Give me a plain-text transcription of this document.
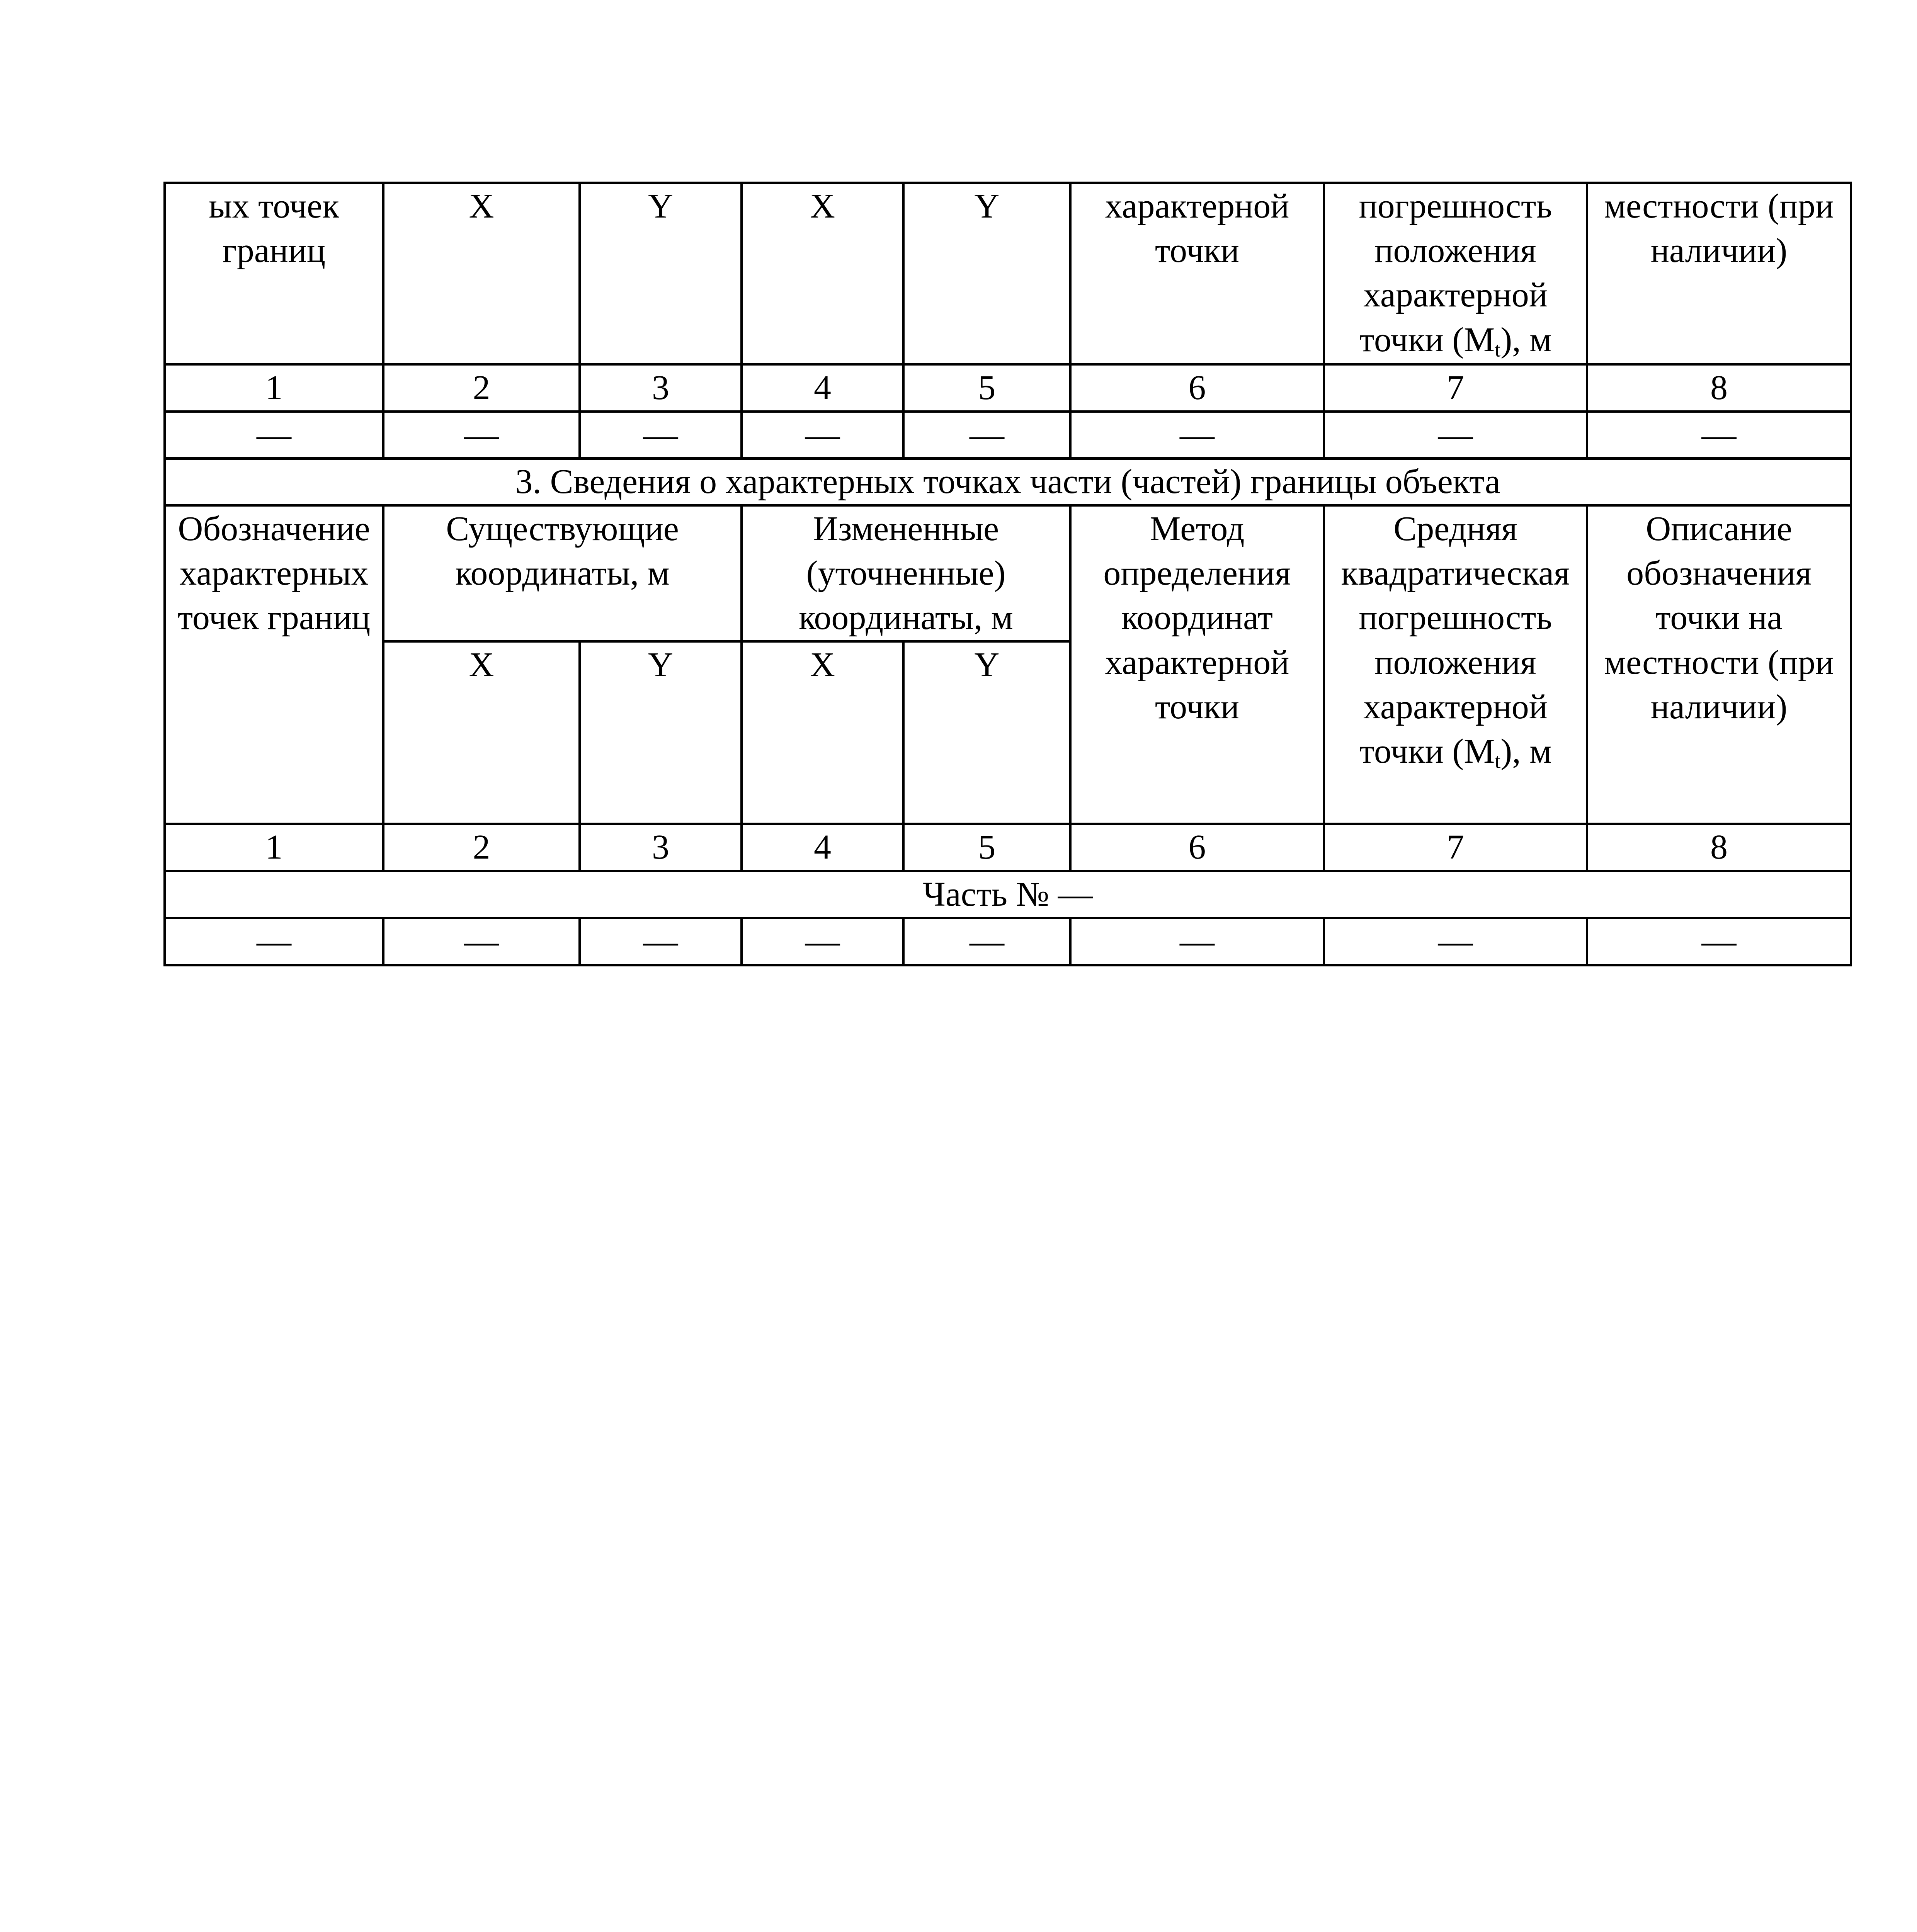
ых точек границ	X	Y	X	Y	характерной точки	погрешность положения характерной точки $(M_t)$, м	местности (при наличии)
1	2	3	4	5	6	7	8
—	—	—	—	—	—	—	—
3. Сведения о характерных точках части (частей) границы объекта							
Обозначение характерных точек границ	Существующие координаты, м		Измененные (уточненные) координаты, м		Метод определения координат характерной точки	Средняя квадратическая погрешность положения характерной точки $(M_t)$, м	Описание обозначения точки на местности (при наличии)
	X	Y	X	Y			
1	2	3	4	5	6	7	8
Часть № —							
—	—	—	—	—	—	—	—
